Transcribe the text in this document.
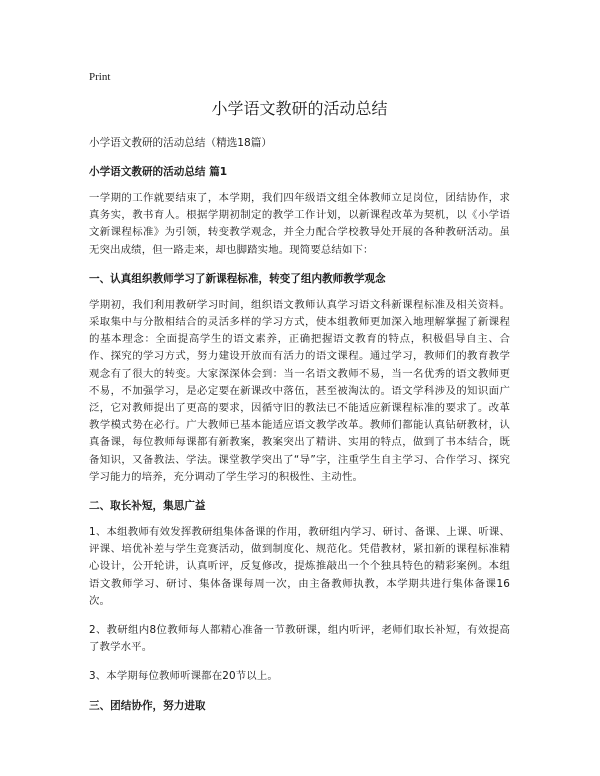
Print
小学语文教研的活动总结
小学语文教研的活动总结（精选18篇）
小学语文教研的活动总结 篇1

一学期的工作就要结束了，本学期，我们四年级语文组全体教师立足岗位，团结协作，求真务实，教书育人。根据学期初制定的教学工作计划，以新课程改革为契机，以《小学语文新课程标准》为引领，转变教学观念，并全力配合学校教导处开展的各种教研活动。虽无突出成绩，但一路走来，却也脚踏实地。现简要总结如下：

一、认真组织教师学习了新课程标准，转变了组内教师教学观念

学期初，我们利用教研学习时间，组织语文教师认真学习语文科新课程标准及相关资料。采取集中与分散相结合的灵活多样的学习方式，使本组教师更加深入地理解掌握了新课程的基本理念：全面提高学生的语文素养，正确把握语文教育的特点，积极倡导自主、合作、探究的学习方式，努力建设开放而有活力的语文课程。通过学习，教师们的教育教学观念有了很大的转变。大家深深体会到：当一名语文教师不易，当一名优秀的语文教师更不易，不加强学习，是必定要在新课改中落伍，甚至被淘汰的。语文学科涉及的知识面广泛，它对教师提出了更高的要求，因循守旧的教法已不能适应新课程标准的要求了。改革教学模式势在必行。广大教师已基本能适应语文教学改革。教师们都能认真钻研教材，认真备课，每位教师每课都有新教案，教案突出了精讲、实用的特点，做到了书本结合，既备知识，又备教法、学法。课堂教学突出了“导”字，注重学生自主学习、合作学习、探究学习能力的培养，充分调动了学生学习的积极性、主动性。

二、取长补短，集思广益

1、本组教师有效发挥教研组集体备课的作用，教研组内学习、研讨、备课、上课、听课、评课、培优补差与学生竞赛活动，做到制度化、规范化。凭借教材，紧扣新的课程标准精心设计，公开轮讲，认真听评，反复修改，提炼推敲出一个个独具特色的精彩案例。本组语文教师学习、研讨、集体备课每周一次，由主备教师执教，本学期共进行集体备课16次。

2、教研组内8位教师每人都精心准备一节教研课，组内听评，老师们取长补短，有效提高了教学水平。

3、本学期每位教师听课都在20节以上。

三、团结协作，努力进取
